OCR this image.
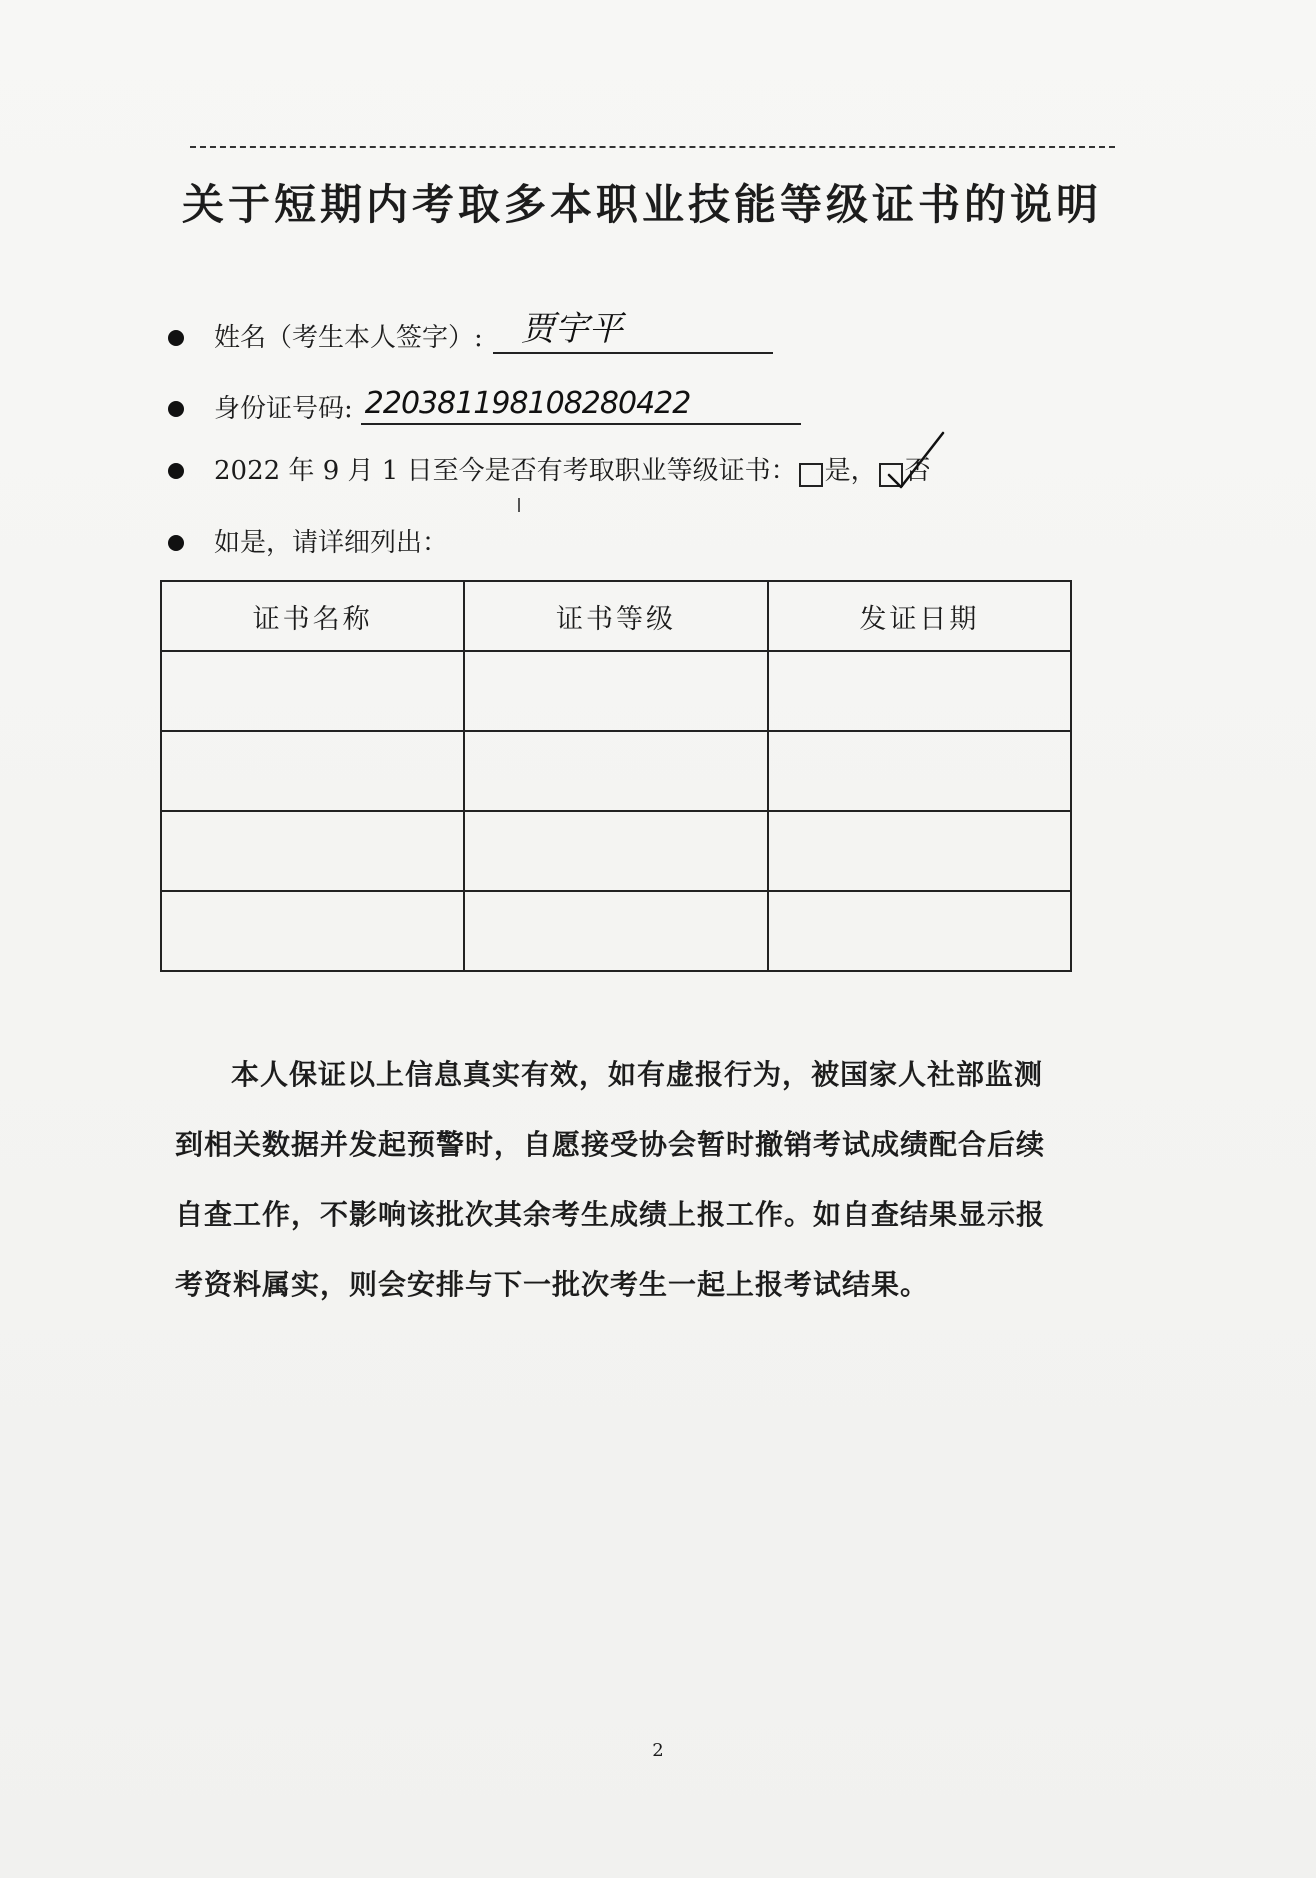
关于短期内考取多本职业技能等级证书的说明
姓名（考生本人签字）: 贾宇平
身份证号码: 220381198108280422
2022 年 9 月 1 日至今是否有考取职业等级证书： 是， 否
如是，请详细列出：
证书名称	证书等级	发证日期

本人保证以上信息真实有效，如有虚报行为，被国家人社部监测到相关数据并发起预警时，自愿接受协会暂时撤销考试成绩配合后续自查工作，不影响该批次其余考生成绩上报工作。如自查结果显示报考资料属实，则会安排与下一批次考生一起上报考试结果。
2
